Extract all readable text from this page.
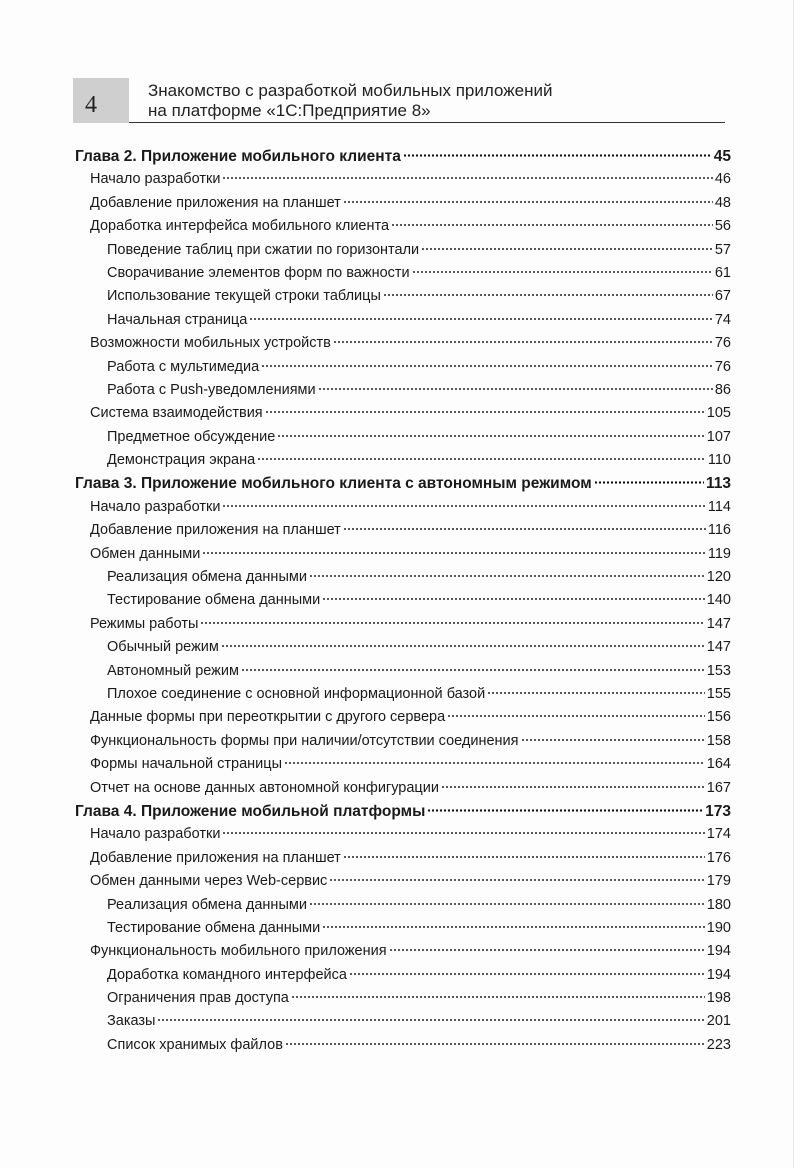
4
Знакомство с разработкой мобильных приложений
на платформе «1С:Предприятие 8»
Глава 2. Приложение мобильного клиента	45
Начало разработки	46
Добавление приложения на планшет	48
Доработка интерфейса мобильного клиента	56
Поведение таблиц при сжатии по горизонтали	57
Сворачивание элементов форм по важности	61
Использование текущей строки таблицы	67
Начальная страница	74
Возможности мобильных устройств	76
Работа с мультимедиа	76
Работа с Push-уведомлениями	86
Система взаимодействия	105
Предметное обсуждение	107
Демонстрация экрана	110
Глава 3. Приложение мобильного клиента с автономным режимом	113
Начало разработки	114
Добавление приложения на планшет	116
Обмен данными	119
Реализация обмена данными	120
Тестирование обмена данными	140
Режимы работы	147
Обычный режим	147
Автономный режим	153
Плохое соединение с основной информационной базой	155
Данные формы при переоткрытии с другого сервера	156
Функциональность формы при наличии/отсутствии соединения	158
Формы начальной страницы	164
Отчет на основе данных автономной конфигурации	167
Глава 4. Приложение мобильной платформы	173
Начало разработки	174
Добавление приложения на планшет	176
Обмен данными через Web-сервис	179
Реализация обмена данными	180
Тестирование обмена данными	190
Функциональность мобильного приложения	194
Доработка командного интерфейса	194
Ограничения прав доступа	198
Заказы	201
Список хранимых файлов	223
